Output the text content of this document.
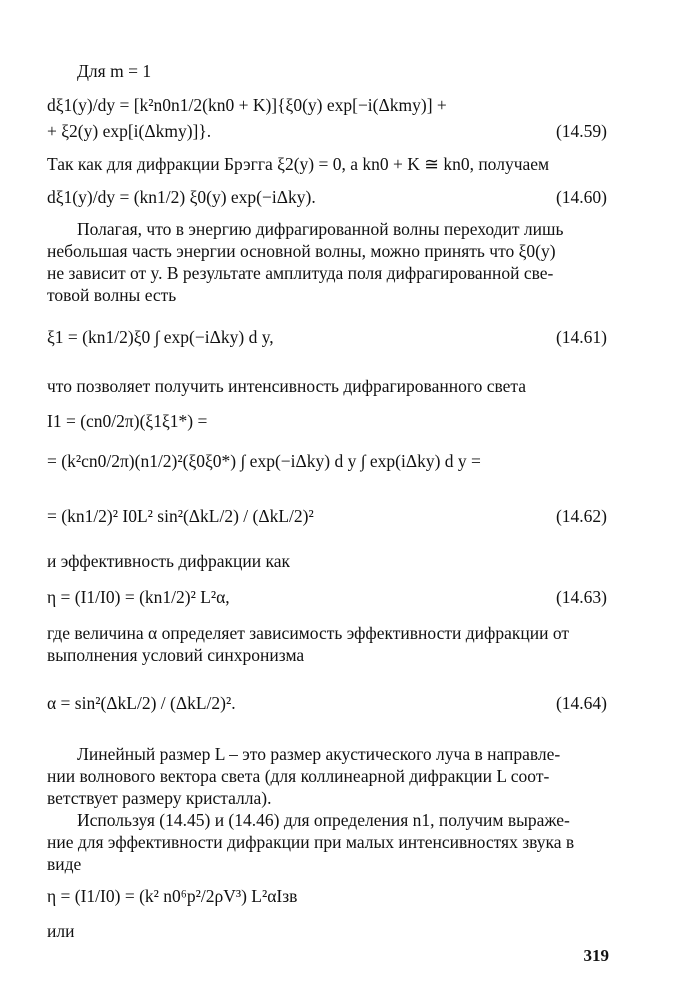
Для m = 1
dξ1(y)/dy = [k²n0n1/2(kn0 + K)]{ξ0(y) exp[−i(Δkmy)] +
+ ξ2(y) exp[i(Δkmy)]}.	(14.59)
Так как для дифракции Брэгга ξ2(y) = 0, а kn0 + K ≅ kn0, получаем
dξ1(y)/dy = (kn1/2) ξ0(y) exp(−iΔky).	(14.60)
Полагая, что в энергию дифрагированной волны переходит лишь
небольшая часть энергии основной волны, можно принять что ξ0(y)
не зависит от y. В результате амплитуда поля дифрагированной све-
товой волны есть
ξ1 = (kn1/2)ξ0 ∫ exp(−iΔky) d y,	(14.61)
что позволяет получить интенсивность дифрагированного света
I1 = (cn0/2π)(ξ1ξ1*) =
= (k²cn0/2π)(n1/2)²(ξ0ξ0*) ∫ exp(−iΔky) d y ∫ exp(iΔky) d y =
= (kn1/2)² I0L² sin²(ΔkL/2) / (ΔkL/2)²	(14.62)
и эффективность дифракции как
η = (I1/I0) = (kn1/2)² L²α,	(14.63)
где величина α определяет зависимость эффективности дифракции от
выполнения условий синхронизма
α = sin²(ΔkL/2) / (ΔkL/2)².	(14.64)
Линейный размер L – это размер акустического луча в направле-
нии волнового вектора света (для коллинеарной дифракции L соот-
ветствует размеру кристалла).
Используя (14.45) и (14.46) для определения n1, получим выраже-
ние для эффективности дифракции при малых интенсивностях звука в
виде
η = (I1/I0) = (k² n0⁶p²/2ρV³) L²αIзв
или
319
